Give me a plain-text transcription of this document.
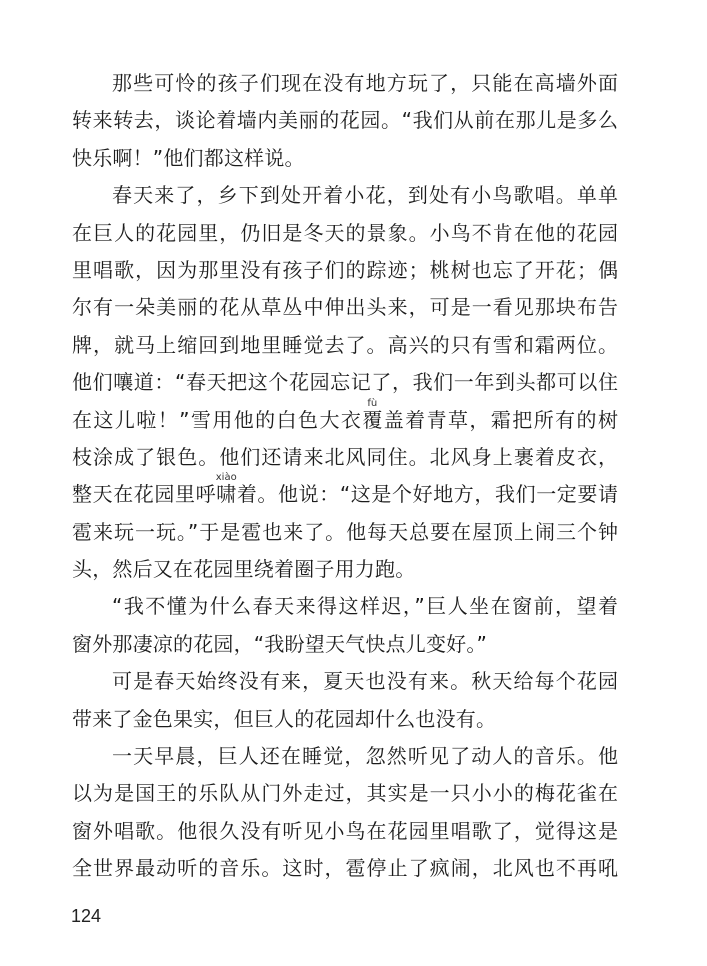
那些可怜的孩子们现在没有地方玩了，只能在高墙外面
转来转去，谈论着墙内美丽的花园。“我们从前在那儿是多么
快乐啊！”他们都这样说。
春天来了，乡下到处开着小花，到处有小鸟歌唱。单单
在巨人的花园里，仍旧是冬天的景象。小鸟不肯在他的花园
里唱歌，因为那里没有孩子们的踪迹；桃树也忘了开花；偶
尔有一朵美丽的花从草丛中伸出头来，可是一看见那块布告
牌，就马上缩回到地里睡觉去了。高兴的只有雪和霜两位。
他们嚷道：“春天把这个花园忘记了，我们一年到头都可以住
在这儿啦！”雪用他的白色大衣
fù
覆盖着青草，霜把所有的树
枝涂成了银色。他们还请来北风同住。北风身上裹着皮衣，
整天在花园里呼
xiào
啸着。他说：“这是个好地方，我们一定要请
雹来玩一玩。”于是雹也来了。他每天总要在屋顶上闹三个钟
头，然后又在花园里绕着圈子用力跑。
“我不懂为什么春天来得这样迟，”巨人坐在窗前，望着
窗外那凄凉的花园，“我盼望天气快点儿变好。”
可是春天始终没有来，夏天也没有来。秋天给每个花园
带来了金色果实，但巨人的花园却什么也没有。
一天早晨，巨人还在睡觉，忽然听见了动人的音乐。他
以为是国王的乐队从门外走过，其实是一只小小的梅花雀在
窗外唱歌。他很久没有听见小鸟在花园里唱歌了，觉得这是
全世界最动听的音乐。这时，雹停止了疯闹，北风也不再吼
124
